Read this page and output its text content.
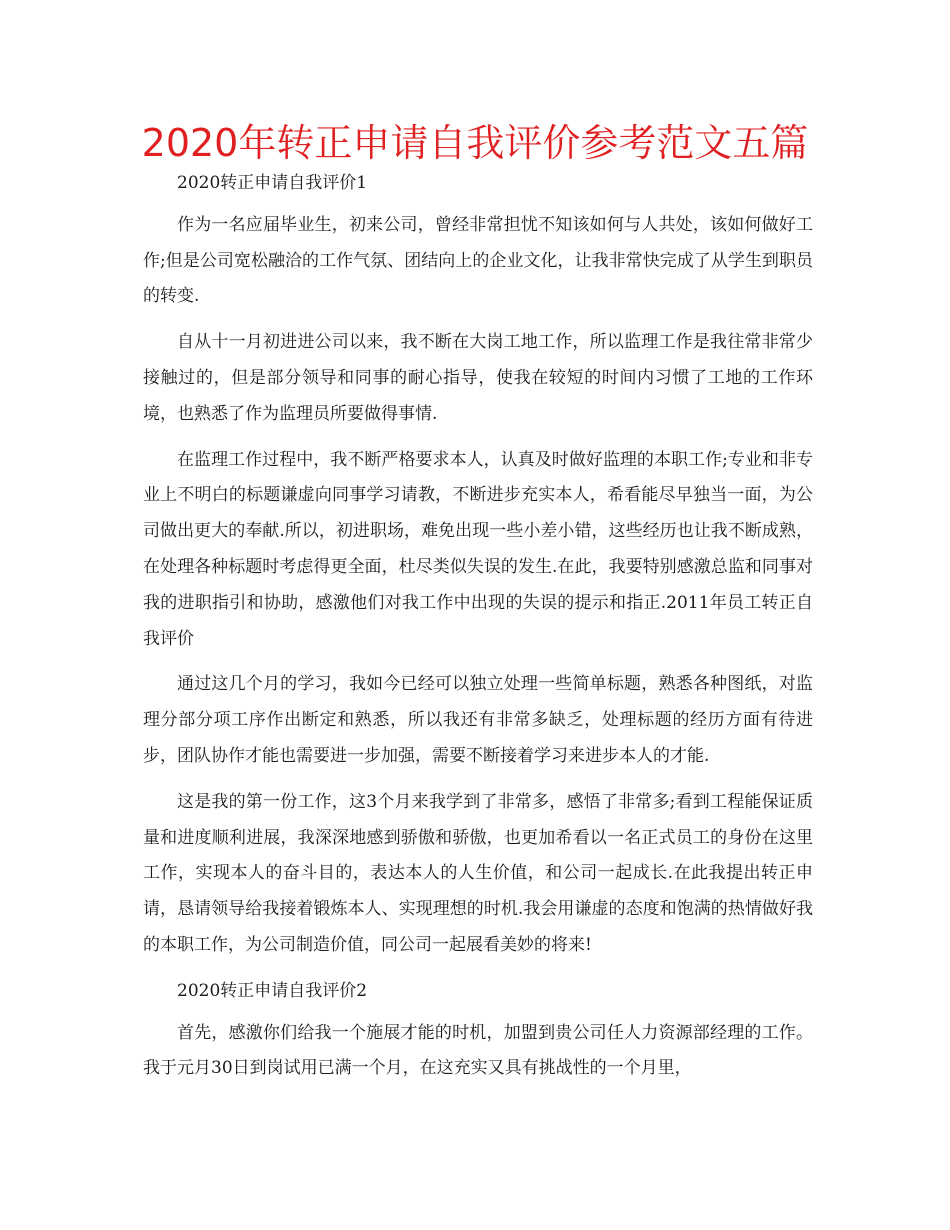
2020年转正申请自我评价参考范文五篇

2020转正申请自我评价1

作为一名应届毕业生，初来公司，曾经非常担忧不知该如何与人共处，该如何做好工作;但是公司宽松融洽的工作气氛、团结向上的企业文化，让我非常快完成了从学生到职员的转变.

自从十一月初进进公司以来，我不断在大岗工地工作，所以监理工作是我往常非常少接触过的，但是部分领导和同事的耐心指导，使我在较短的时间内习惯了工地的工作环境，也熟悉了作为监理员所要做得事情.

在监理工作过程中，我不断严格要求本人，认真及时做好监理的本职工作;专业和非专业上不明白的标题谦虚向同事学习请教，不断进步充实本人，希看能尽早独当一面，为公司做出更大的奉献.所以，初进职场，难免出现一些小差小错，这些经历也让我不断成熟，在处理各种标题时考虑得更全面，杜尽类似失误的发生.在此，我要特别感激总监和同事对我的进职指引和协助，感激他们对我工作中出现的失误的提示和指正.2011年员工转正自我评价

通过这几个月的学习，我如今已经可以独立处理一些简单标题，熟悉各种图纸，对监理分部分项工序作出断定和熟悉，所以我还有非常多缺乏，处理标题的经历方面有待进步，团队协作才能也需要进一步加强，需要不断接着学习来进步本人的才能.

这是我的第一份工作，这3个月来我学到了非常多，感悟了非常多;看到工程能保证质量和进度顺利进展，我深深地感到骄傲和骄傲，也更加希看以一名正式员工的身份在这里工作，实现本人的奋斗目的，表达本人的人生价值，和公司一起成长.在此我提出转正申请，恳请领导给我接着锻炼本人、实现理想的时机.我会用谦虚的态度和饱满的热情做好我的本职工作，为公司制造价值，同公司一起展看美妙的将来!

2020转正申请自我评价2

首先，感激你们给我一个施展才能的时机，加盟到贵公司任人力资源部经理的工作。 我于元月30日到岗试用已满一个月，在这充实又具有挑战性的一个月里，
